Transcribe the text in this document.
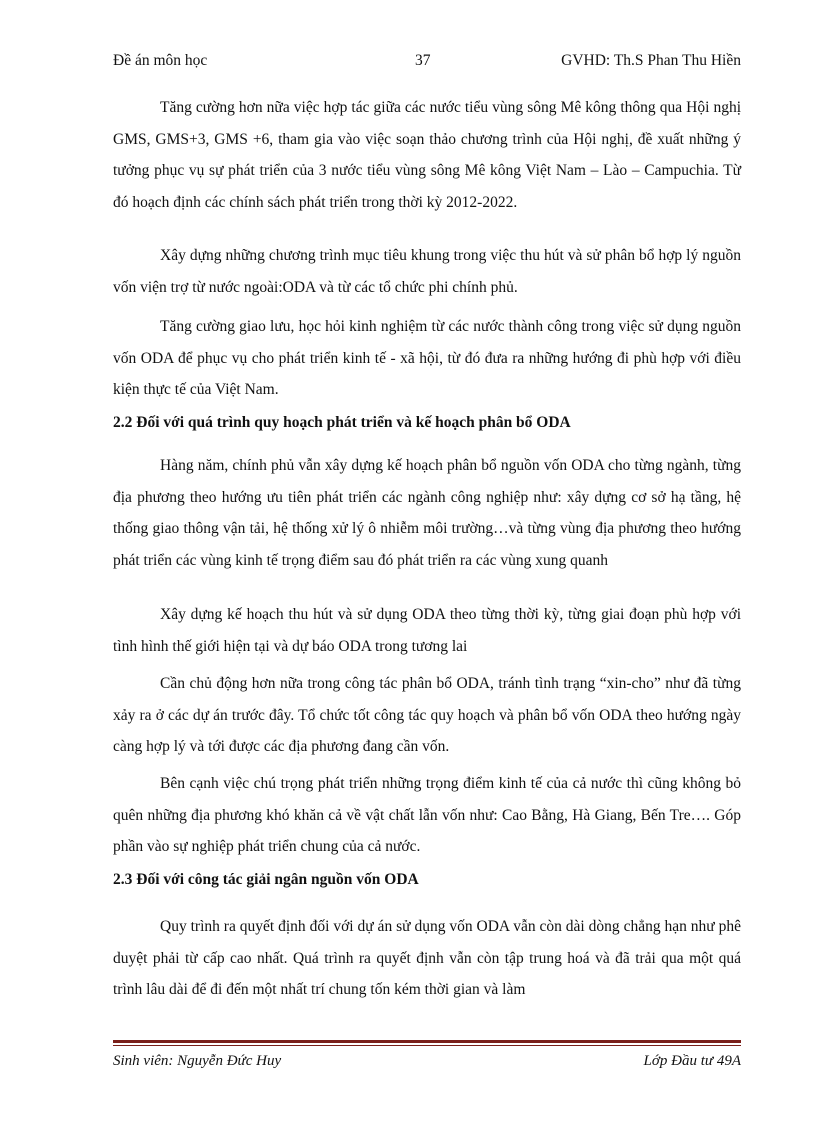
Đề án môn học	37	GVHD: Th.S Phan Thu Hiền

Tăng cường hơn nữa việc hợp tác giữa các nước tiểu vùng sông Mê kông thông qua Hội nghị GMS, GMS+3, GMS +6, tham gia vào việc soạn thảo chương trình của Hội nghị, đề xuất những ý tưởng phục vụ sự phát triển của 3 nước tiểu vùng sông Mê kông Việt Nam – Lào – Campuchia. Từ đó hoạch định các chính sách phát triển trong thời kỳ 2012-2022.

Xây dựng những chương trình mục tiêu khung trong việc thu hút và sử phân bổ hợp lý nguồn vốn viện trợ từ nước ngoài:ODA và từ các tổ chức phi chính phủ.

Tăng cường giao lưu, học hỏi kinh nghiệm từ các nước thành công trong việc sử dụng nguồn vốn ODA để phục vụ cho phát triển kinh tế - xã hội, từ đó đưa ra những hướng đi phù hợp với điều kiện thực tế của Việt Nam.

2.2 Đối với quá trình quy hoạch phát triển và kế hoạch phân bổ ODA

Hàng năm, chính phủ vẫn xây dựng kế hoạch phân bổ nguồn vốn ODA cho từng ngành, từng địa phương theo hướng ưu tiên phát triển các ngành công nghiệp như: xây dựng cơ sở hạ tầng, hệ thống giao thông vận tải, hệ thống xử lý ô nhiễm môi trường…và từng vùng địa phương theo hướng phát triển các vùng kinh tế trọng điểm sau đó phát triển ra các vùng xung quanh

Xây dựng kế hoạch thu hút và sử dụng ODA theo từng thời kỳ, từng giai đoạn phù hợp với tình hình thế giới hiện tại và dự báo ODA trong tương lai

Cần chủ động hơn nữa trong công tác phân bổ ODA, tránh tình trạng “xin-cho” như đã từng xảy ra ở các dự án trước đây. Tổ chức tốt công tác quy hoạch và phân bổ vốn ODA theo hướng ngày càng hợp lý và tới được các địa phương đang cần vốn.

Bên cạnh việc chú trọng phát triển những trọng điểm kinh tế của cả nước thì cũng không bỏ quên những địa phương khó khăn cả về vật chất lẫn vốn như: Cao Bằng, Hà Giang, Bến Tre…. Góp phần vào sự nghiệp phát triển chung của cả nước.

2.3 Đối với công tác giải ngân nguồn vốn ODA

Quy trình ra quyết định đối với dự án sử dụng vốn ODA vẫn còn dài dòng chẳng hạn như phê duyệt phải từ cấp cao nhất. Quá trình ra quyết định vẫn còn tập trung hoá và đã trải qua một quá trình lâu dài để đi đến một nhất trí chung tốn kém thời gian và làm

Sinh viên: Nguyễn Đức Huy	Lớp Đầu tư 49A
